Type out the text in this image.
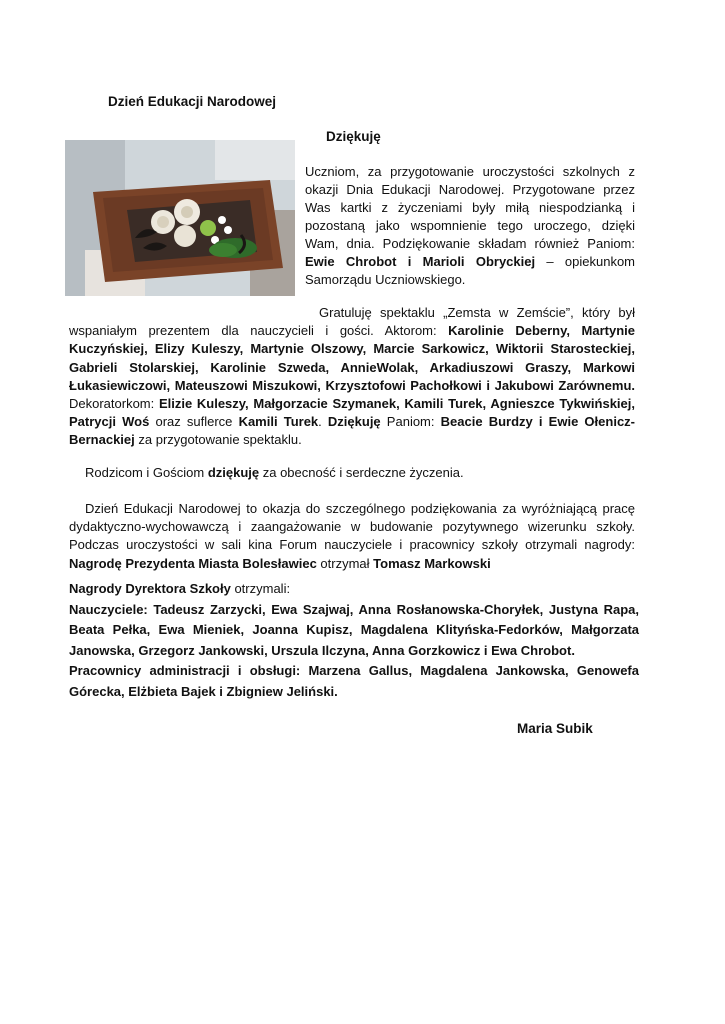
Dzień Edukacji Narodowej
Dziękuję
Uczniom, za przygotowanie uroczystości szkolnych z okazji Dnia Edukacji Narodowej. Przygotowane przez Was kartki z życzeniami były miłą niespodzianką i pozostaną jako wspomnienie tego uroczego, dzięki Wam, dnia. Podziękowanie składam również Paniom: Ewie Chrobot i Marioli Obryckiej – opiekunkom Samorządu Uczniowskiego.
Gratuluję spektaklu „Zemsta w Zemście”, który był wspaniałym prezentem dla nauczycieli i gości. Aktorom: Karolinie Deberny, Martynie Kuczyńskiej, Elizy Kuleszy, Martynie Olszowy, Marcie Sarkowicz, Wiktorii Starosteckiej, Gabrieli Stolarskiej, Karolinie Szweda, AnnieWolak, Arkadiuszowi Graszy, Markowi Łukasiewiczowi, Mateuszowi Miszukowi, Krzysztofowi Pachołkowi i Jakubowi Zarównemu. Dekoratorkom: Elizie Kuleszy, Małgorzacie Szymanek, Kamili Turek, Agnieszce Tykwińskiej, Patrycji Woś oraz suflerce Kamili Turek. Dziękuję Paniom: Beacie Burdzy i Ewie Ołenicz-Bernackiej za przygotowanie spektaklu.
Rodzicom i Gościom dziękuję za obecność i serdeczne życzenia.
Dzień Edukacji Narodowej to okazja do szczególnego podziękowania za wyróżniającą pracę dydaktyczno-wychowawczą i zaangażowanie w budowanie pozytywnego wizerunku szkoły. Podczas uroczystości w sali kina Forum nauczyciele i pracownicy szkoły otrzymali nagrody: Nagrodę Prezydenta Miasta Bolesławiec otrzymał Tomasz Markowski
Nagrody Dyrektora Szkoły otrzymali:
Nauczyciele: Tadeusz Zarzycki, Ewa Szajwaj, Anna Rosłanowska-Choryłek, Justyna Rapa, Beata Pełka, Ewa Mieniek, Joanna Kupisz, Magdalena Klityńska-Fedorków, Małgorzata Janowska, Grzegorz Jankowski, Urszula Ilczyna, Anna Gorzkowicz i Ewa Chrobot.
Pracownicy administracji i obsługi: Marzena Gallus, Magdalena Jankowska, Genowefa Górecka, Elżbieta Bajek i Zbigniew Jeliński.
Maria Subik
